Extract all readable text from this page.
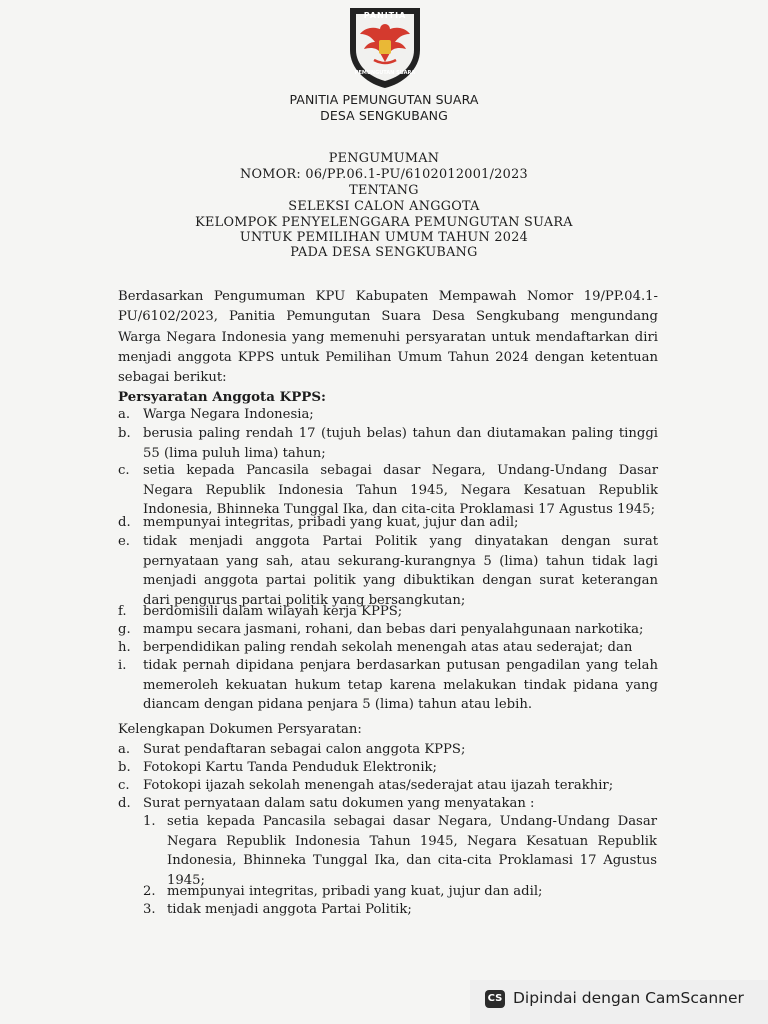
PANITIA
PEMUNGUTAN SUARA
PANITIA PEMUNGUTAN SUARA
DESA SENGKUBANG
PENGUMUMAN
NOMOR: 06/PP.06.1-PU/6102012001/2023
TENTANG
SELEKSI CALON ANGGOTA
KELOMPOK PENYELENGGARA PEMUNGUTAN SUARA
UNTUK PEMILIHAN UMUM TAHUN 2024
PADA DESA SENGKUBANG
Berdasarkan Pengumuman KPU Kabupaten Mempawah Nomor 19/PP.04.1-PU/6102/2023, Panitia Pemungutan Suara Desa Sengkubang mengundang Warga Negara Indonesia yang memenuhi persyaratan untuk mendaftarkan diri menjadi anggota KPPS untuk Pemilihan Umum Tahun 2024 dengan ketentuan sebagai berikut:
Persyaratan Anggota KPPS:
a. Warga Negara Indonesia;
b. berusia paling rendah 17 (tujuh belas) tahun dan diutamakan paling tinggi 55 (lima puluh lima) tahun;
c. setia kepada Pancasila sebagai dasar Negara, Undang-Undang Dasar Negara Republik Indonesia Tahun 1945, Negara Kesatuan Republik Indonesia, Bhinneka Tunggal Ika, dan cita-cita Proklamasi 17 Agustus 1945;
d. mempunyai integritas, pribadi yang kuat, jujur dan adil;
e. tidak menjadi anggota Partai Politik yang dinyatakan dengan surat pernyataan yang sah, atau sekurang-kurangnya 5 (lima) tahun tidak lagi menjadi anggota partai politik yang dibuktikan dengan surat keterangan dari pengurus partai politik yang bersangkutan;
f. berdomisili dalam wilayah kerja KPPS;
g. mampu secara jasmani, rohani, dan bebas dari penyalahgunaan narkotika;
h. berpendidikan paling rendah sekolah menengah atas atau sederajat; dan
i. tidak pernah dipidana penjara berdasarkan putusan pengadilan yang telah memeroleh kekuatan hukum tetap karena melakukan tindak pidana yang diancam dengan pidana penjara 5 (lima) tahun atau lebih.
Kelengkapan Dokumen Persyaratan:
a. Surat pendaftaran sebagai calon anggota KPPS;
b. Fotokopi Kartu Tanda Penduduk Elektronik;
c. Fotokopi ijazah sekolah menengah atas/sederajat atau ijazah terakhir;
d. Surat pernyataan dalam satu dokumen yang menyatakan :
1. setia kepada Pancasila sebagai dasar Negara, Undang-Undang Dasar Negara Republik Indonesia Tahun 1945, Negara Kesatuan Republik Indonesia, Bhinneka Tunggal Ika, dan cita-cita Proklamasi 17 Agustus 1945;
2. mempunyai integritas, pribadi yang kuat, jujur dan adil;
3. tidak menjadi anggota Partai Politik;
CS Dipindai dengan CamScanner
